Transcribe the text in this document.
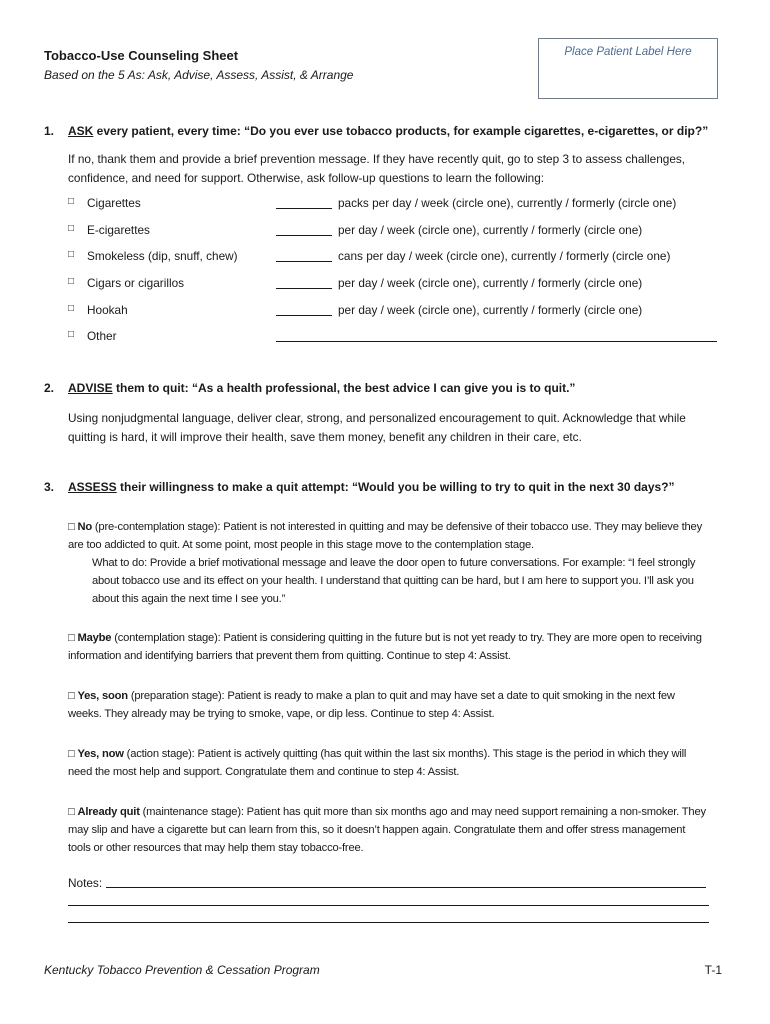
Tobacco-Use Counseling Sheet
Based on the 5 As: Ask, Advise, Assess, Assist, & Arrange
Place Patient Label Here
1. ASK every patient, every time: “Do you ever use tobacco products, for example cigarettes, e-cigarettes, or dip?”
If no, thank them and provide a brief prevention message. If they have recently quit, go to step 3 to assess challenges, confidence, and need for support. Otherwise, ask follow-up questions to learn the following:
□ Cigarettes	packs per day / week (circle one), currently / formerly (circle one)
□ E-cigarettes	per day / week (circle one), currently / formerly (circle one)
□ Smokeless (dip, snuff, chew)	cans per day / week (circle one), currently / formerly (circle one)
□ Cigars or cigarillos	per day / week (circle one), currently / formerly (circle one)
□ Hookah	per day / week (circle one), currently / formerly (circle one)
□ Other
2. ADVISE them to quit: “As a health professional, the best advice I can give you is to quit.”
Using nonjudgmental language, deliver clear, strong, and personalized encouragement to quit. Acknowledge that while quitting is hard, it will improve their health, save them money, benefit any children in their care, etc.
3. ASSESS their willingness to make a quit attempt: “Would you be willing to try to quit in the next 30 days?”
□ No (pre-contemplation stage): Patient is not interested in quitting and may be defensive of their tobacco use. They may believe they are too addicted to quit. At some point, most people in this stage move to the contemplation stage.
What to do: Provide a brief motivational message and leave the door open to future conversations. For example: “I feel strongly about tobacco use and its effect on your health. I understand that quitting can be hard, but I am here to support you. I’ll ask you about this again the next time I see you.”
□ Maybe (contemplation stage): Patient is considering quitting in the future but is not yet ready to try. They are more open to receiving information and identifying barriers that prevent them from quitting. Continue to step 4: Assist.
□ Yes, soon (preparation stage): Patient is ready to make a plan to quit and may have set a date to quit smoking in the next few weeks. They already may be trying to smoke, vape, or dip less. Continue to step 4: Assist.
□ Yes, now (action stage): Patient is actively quitting (has quit within the last six months). This stage is the period in which they will need the most help and support. Congratulate them and continue to step 4: Assist.
□ Already quit (maintenance stage): Patient has quit more than six months ago and may need support remaining a non-smoker. They may slip and have a cigarette but can learn from this, so it doesn’t happen again. Congratulate them and offer stress management tools or other resources that may help them stay tobacco-free.
Notes:
Kentucky Tobacco Prevention & Cessation Program	T-1
